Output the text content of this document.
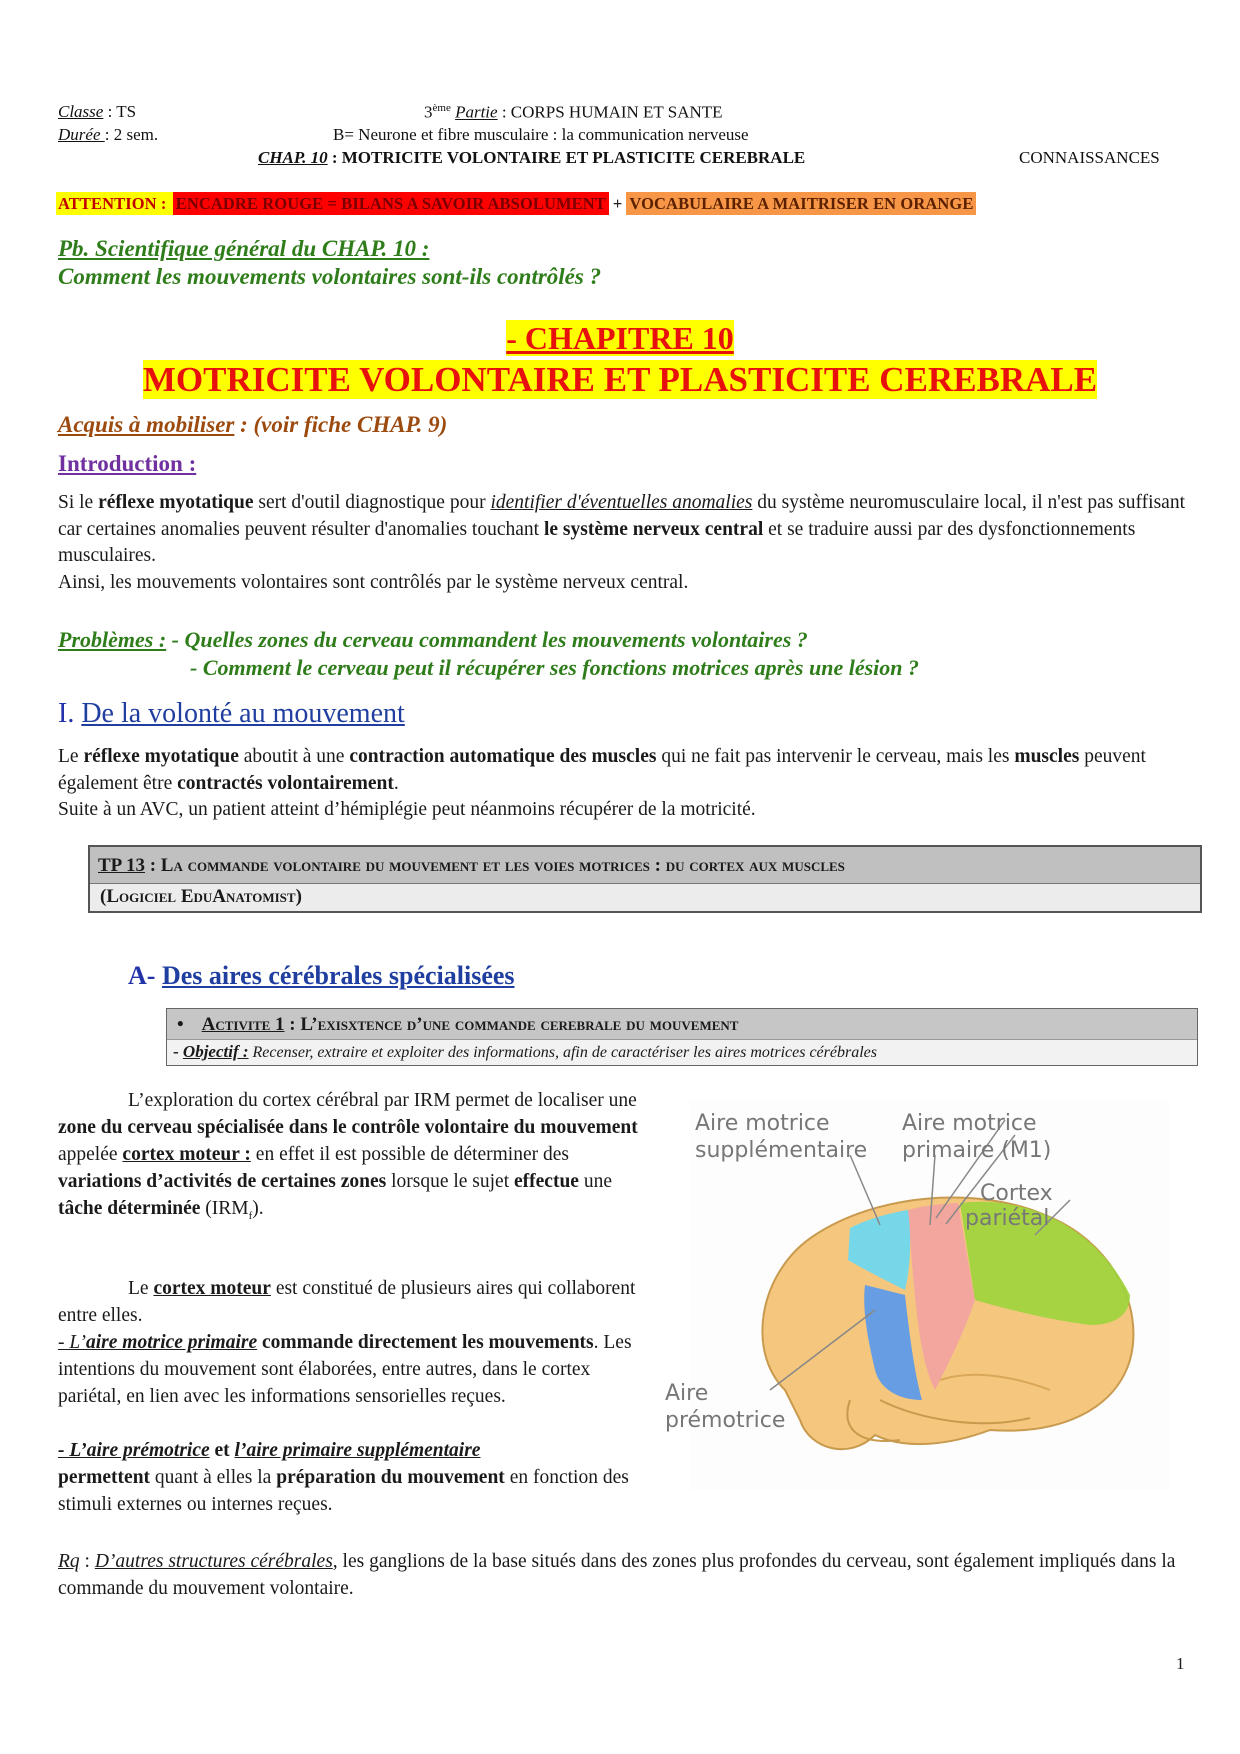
Classe : TS
Durée : 2 sem.
3ème Partie : CORPS HUMAIN ET SANTE
B= Neurone et fibre musculaire : la communication nerveuse
CHAP. 10 : MOTRICITE VOLONTAIRE ET PLASTICITE CEREBRALE	CONNAISSANCES
ATTENTION : ENCADRE ROUGE = BILANS A SAVOIR ABSOLUMENT + VOCABULAIRE A MAITRISER EN ORANGE
Pb. Scientifique général du CHAP. 10 :
Comment les mouvements volontaires sont-ils contrôlés ?
- CHAPITRE 10
MOTRICITE VOLONTAIRE ET PLASTICITE CEREBRALE
Acquis à mobiliser : (voir fiche CHAP. 9)
Introduction :
Si le réflexe myotatique sert d'outil diagnostique pour identifier d'éventuelles anomalies du système neuromusculaire local, il n'est pas suffisant car certaines anomalies peuvent résulter d'anomalies touchant le système nerveux central et se traduire aussi par des dysfonctionnements musculaires.
Ainsi, les mouvements volontaires sont contrôlés par le système nerveux central.
Problèmes : - Quelles zones du cerveau commandent les mouvements volontaires ?
- Comment le cerveau peut il récupérer ses fonctions motrices après une lésion ?
I. De la volonté au mouvement
Le réflexe myotatique aboutit à une contraction automatique des muscles qui ne fait pas intervenir le cerveau, mais les muscles peuvent également être contractés volontairement.
Suite à un AVC, un patient atteint d’hémiplégie peut néanmoins récupérer de la motricité.
TP 13 : La commande volontaire du mouvement et les voies motrices : du cortex aux muscles
(Logiciel EduAnatomist)
A- Des aires cérébrales spécialisées
• Activite 1 : L’exisxtence d’une commande cerebrale du mouvement
- Objectif : Recenser, extraire et exploiter des informations, afin de caractériser les aires motrices cérébrales
L’exploration du cortex cérébral par IRM permet de localiser une zone du cerveau spécialisée dans le contrôle volontaire du mouvement appelée cortex moteur : en effet il est possible de déterminer des variations d’activités de certaines zones lorsque le sujet effectue une tâche déterminée $(IRM_f)$.
Le cortex moteur est constitué de plusieurs aires qui collaborent entre elles.
- L’aire motrice primaire commande directement les mouvements. Les intentions du mouvement sont élaborées, entre autres, dans le cortex pariétal, en lien avec les informations sensorielles reçues.
- L’aire prémotrice et l’aire primaire supplémentaire
permettent quant à elles la préparation du mouvement en fonction des stimuli externes ou internes reçues.
Aire motrice
supplémentaire
Aire motrice
primaire (M1)
Cortex
pariétal
Aire
prémotrice
Rq : D’autres structures cérébrales, les ganglions de la base situés dans des zones plus profondes du cerveau, sont également impliqués dans la commande du mouvement volontaire.
1
